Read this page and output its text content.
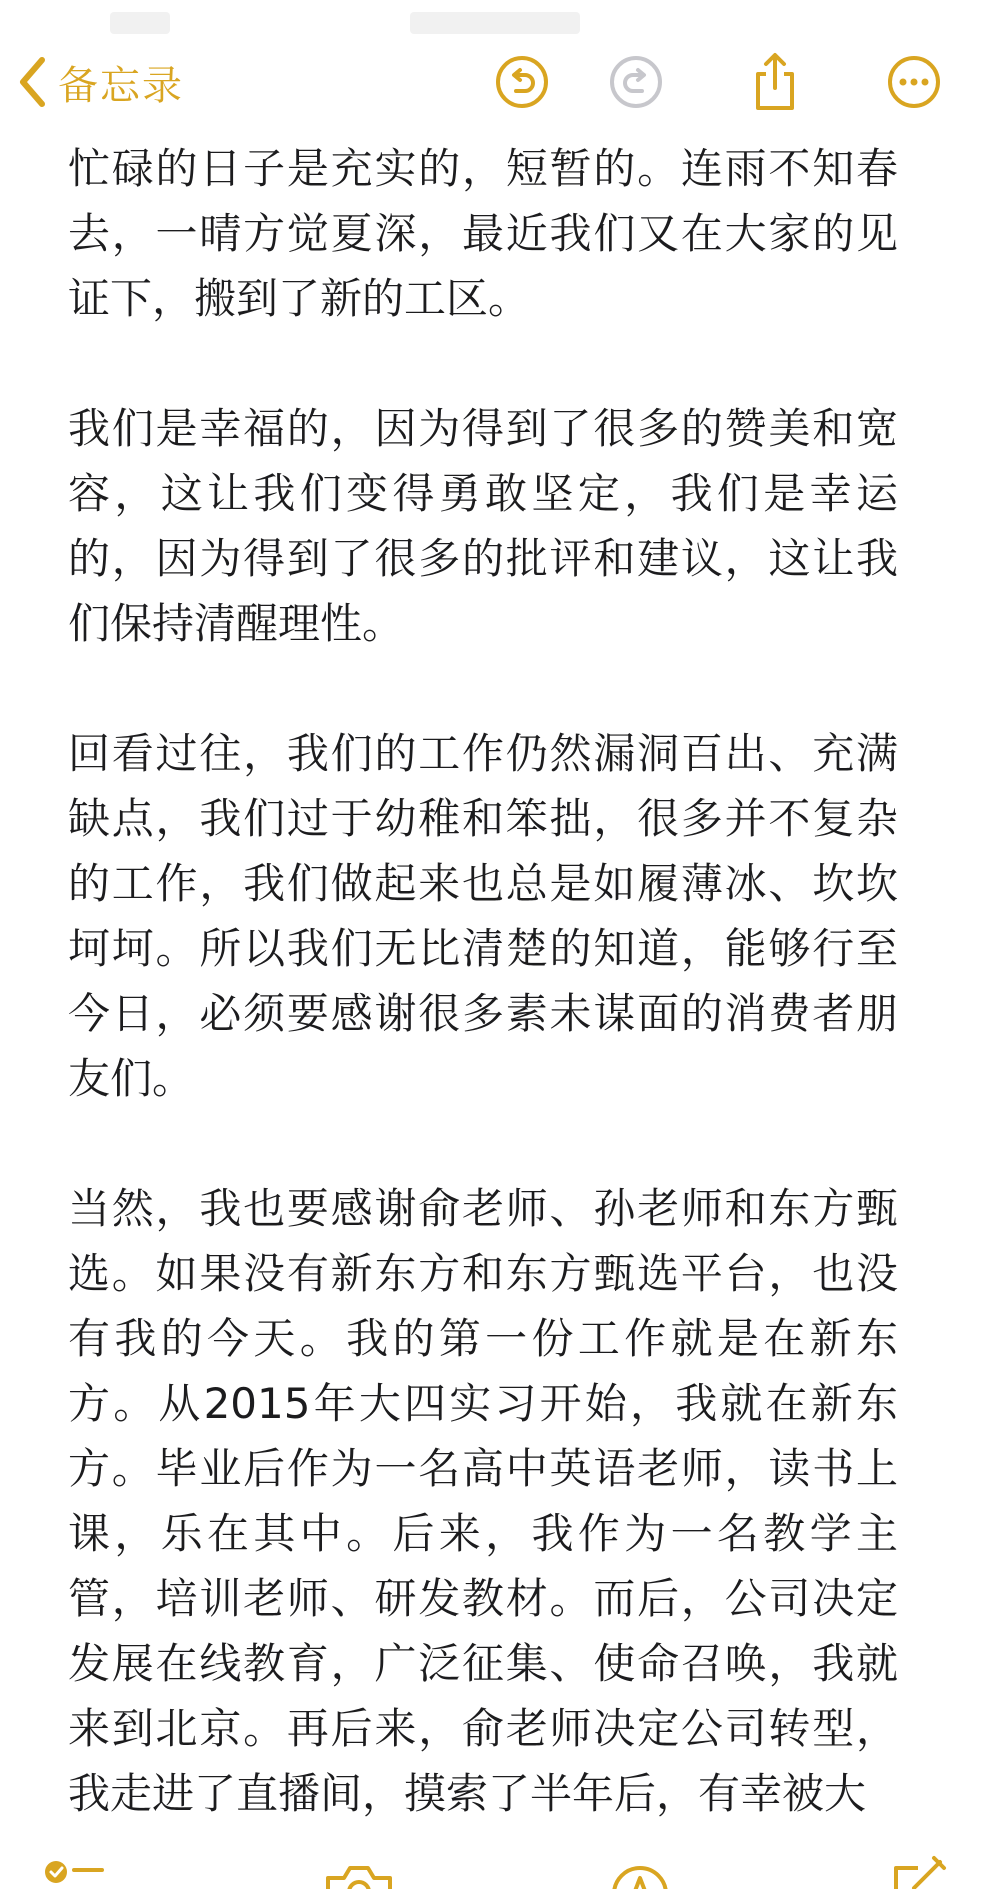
备忘录

忙碌的日子是充实的，短暂的。连雨不知春去，一晴方觉夏深，最近我们又在大家的见证下，搬到了新的工区。

我们是幸福的，因为得到了很多的赞美和宽容，这让我们变得勇敢坚定，我们是幸运的，因为得到了很多的批评和建议，这让我们保持清醒理性。

回看过往，我们的工作仍然漏洞百出、充满缺点，我们过于幼稚和笨拙，很多并不复杂的工作，我们做起来也总是如履薄冰、坎坎坷坷。所以我们无比清楚的知道，能够行至今日，必须要感谢很多素未谋面的消费者朋友们。

当然，我也要感谢俞老师、孙老师和东方甄选。如果没有新东方和东方甄选平台，也没有我的今天。我的第一份工作就是在新东方。从2015年大四实习开始，我就在新东方。毕业后作为一名高中英语老师，读书上课，乐在其中。后来，我作为一名教学主管，培训老师、研发教材。而后，公司决定发展在线教育，广泛征集、使命召唤，我就来到北京。再后来，俞老师决定公司转型，我走进了直播间，摸索了半年后，有幸被大
